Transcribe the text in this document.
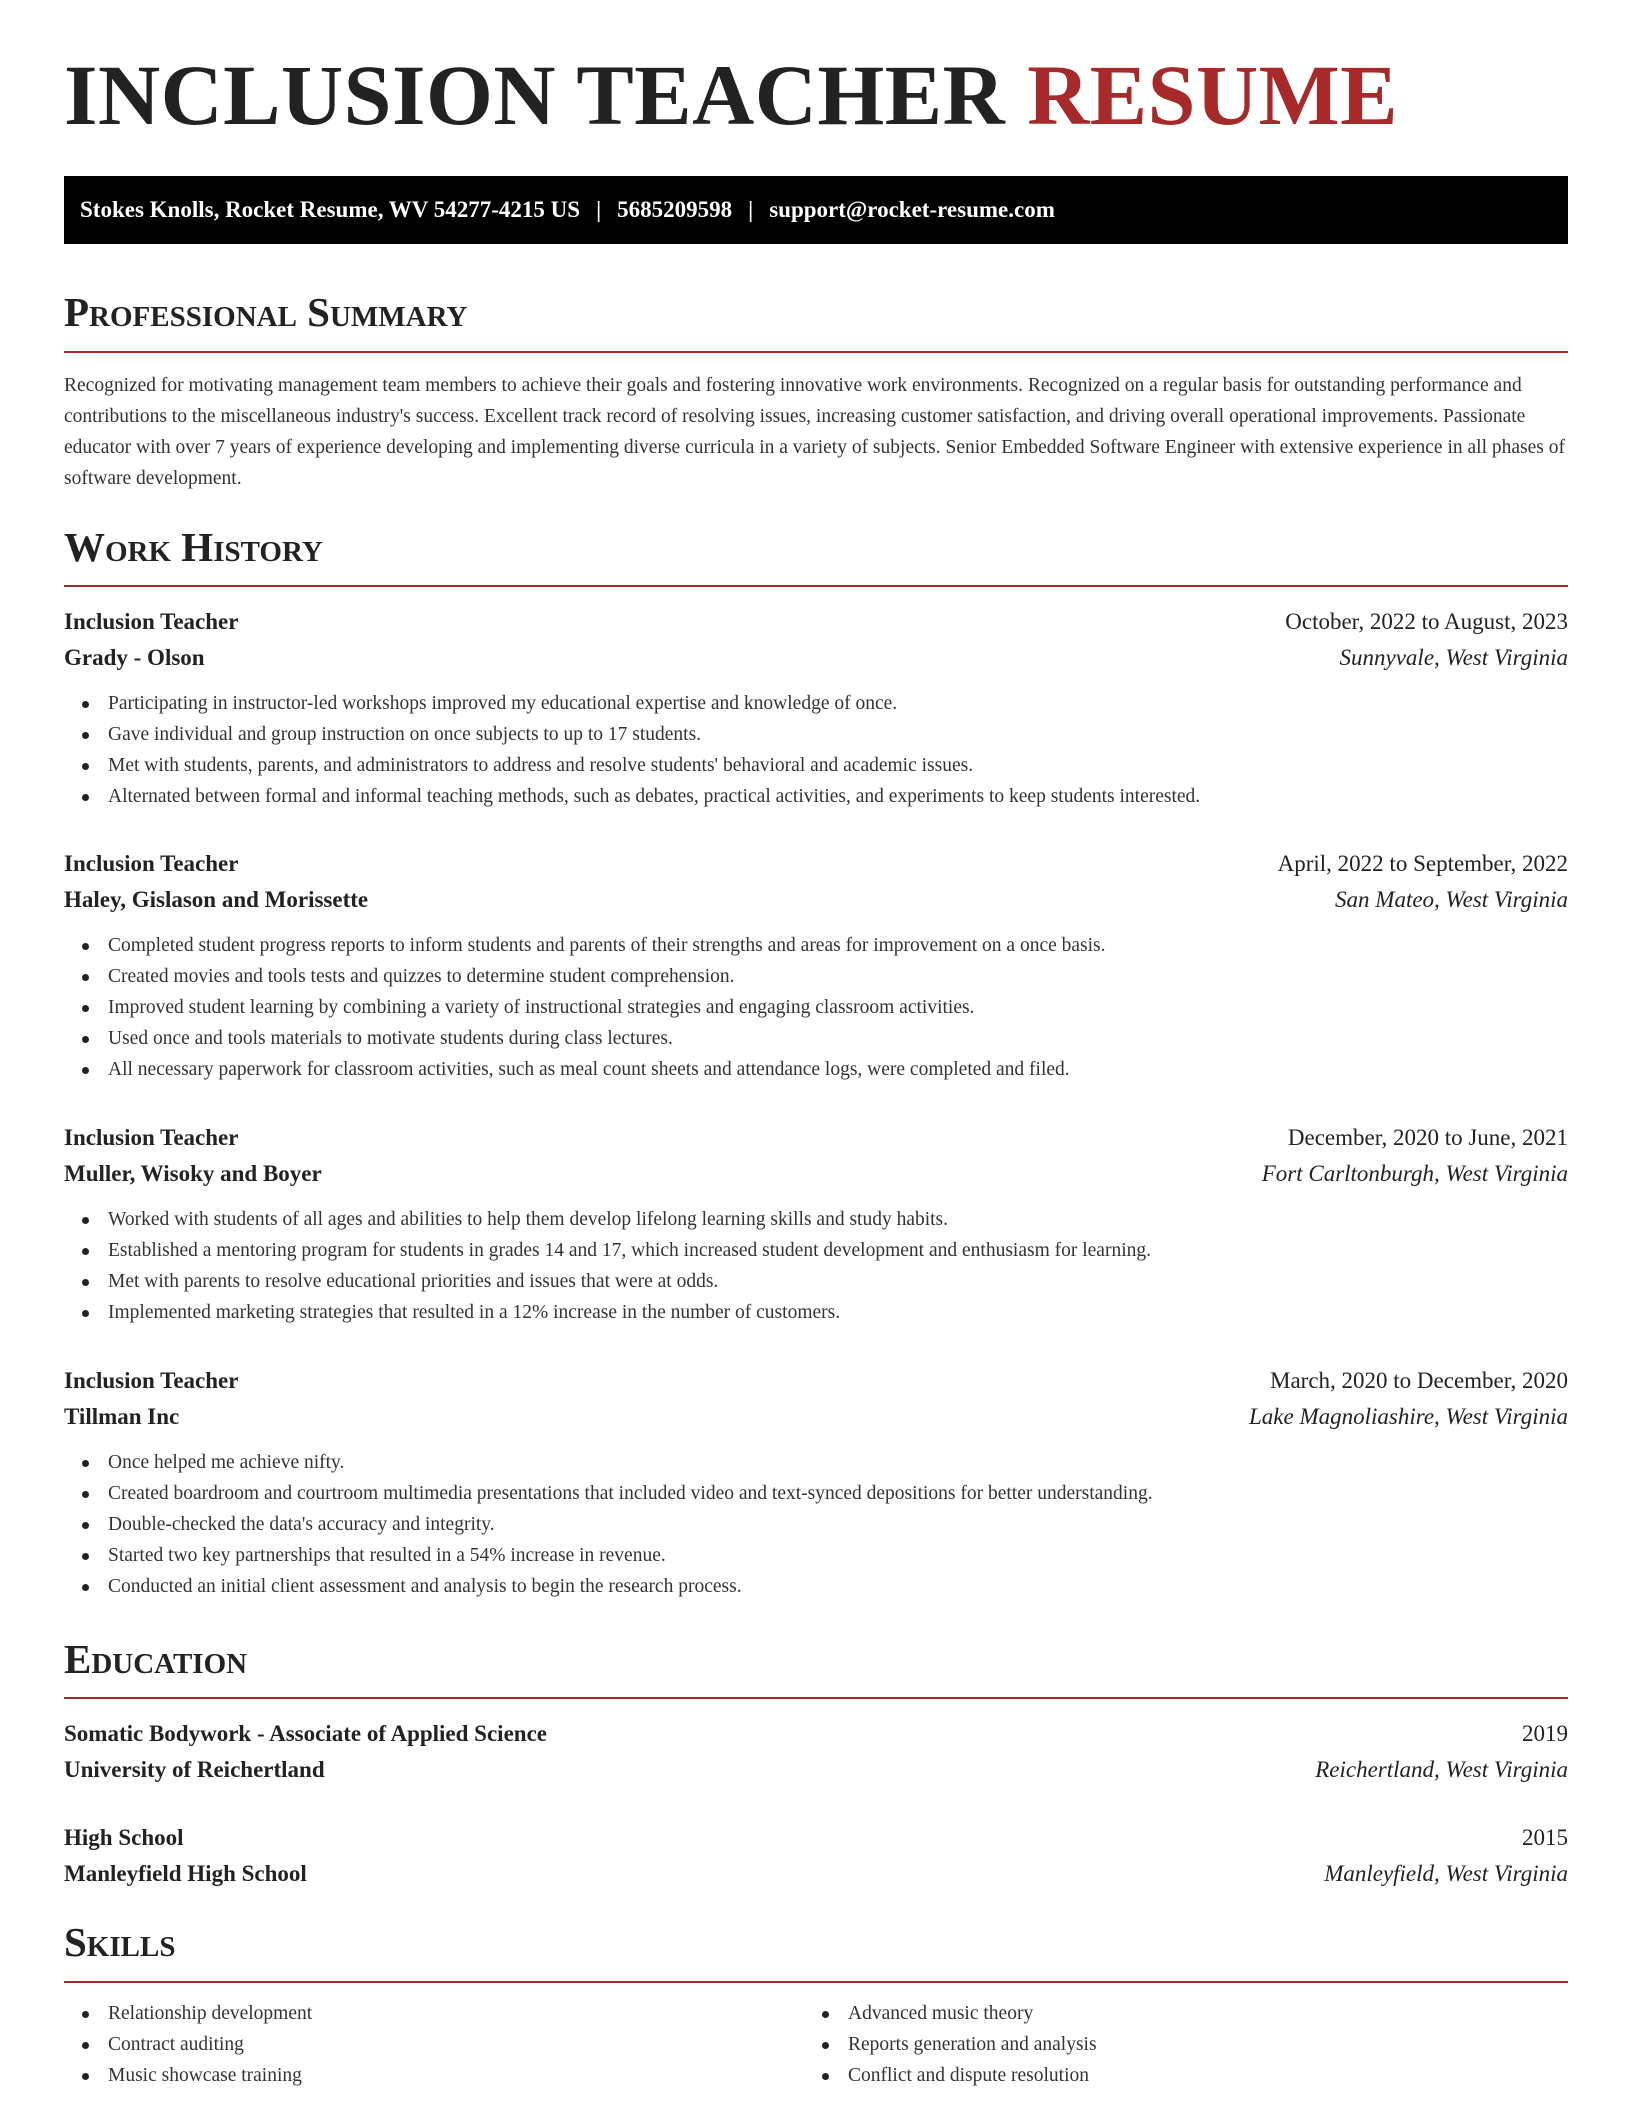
INCLUSION TEACHER RESUME
Stokes Knolls, Rocket Resume, WV 54277-4215 US | 5685209598 | support@rocket-resume.com
Professional Summary

Recognized for motivating management team members to achieve their goals and fostering innovative work environments. Recognized on a regular basis for outstanding performance and contributions to the miscellaneous industry's success. Excellent track record of resolving issues, increasing customer satisfaction, and driving overall operational improvements. Passionate educator with over 7 years of experience developing and implementing diverse curricula in a variety of subjects. Senior Embedded Software Engineer with extensive experience in all phases of software development.

Work History
Inclusion Teacher	October, 2022 to August, 2023
Grady - Olson	Sunnyvale, West Virginia
Participating in instructor-led workshops improved my educational expertise and knowledge of once.
Gave individual and group instruction on once subjects to up to 17 students.
Met with students, parents, and administrators to address and resolve students' behavioral and academic issues.
Alternated between formal and informal teaching methods, such as debates, practical activities, and experiments to keep students interested.
Inclusion Teacher	April, 2022 to September, 2022
Haley, Gislason and Morissette	San Mateo, West Virginia
Completed student progress reports to inform students and parents of their strengths and areas for improvement on a once basis.
Created movies and tools tests and quizzes to determine student comprehension.
Improved student learning by combining a variety of instructional strategies and engaging classroom activities.
Used once and tools materials to motivate students during class lectures.
All necessary paperwork for classroom activities, such as meal count sheets and attendance logs, were completed and filed.
Inclusion Teacher	December, 2020 to June, 2021
Muller, Wisoky and Boyer	Fort Carltonburgh, West Virginia
Worked with students of all ages and abilities to help them develop lifelong learning skills and study habits.
Established a mentoring program for students in grades 14 and 17, which increased student development and enthusiasm for learning.
Met with parents to resolve educational priorities and issues that were at odds.
Implemented marketing strategies that resulted in a 12% increase in the number of customers.
Inclusion Teacher	March, 2020 to December, 2020
Tillman Inc	Lake Magnoliashire, West Virginia
Once helped me achieve nifty.
Created boardroom and courtroom multimedia presentations that included video and text-synced depositions for better understanding.
Double-checked the data's accuracy and integrity.
Started two key partnerships that resulted in a 54% increase in revenue.
Conducted an initial client assessment and analysis to begin the research process.
Education
Somatic Bodywork - Associate of Applied Science	2019
University of Reichertland	Reichertland, West Virginia
High School	2015
Manleyfield High School	Manleyfield, West Virginia
Skills
Relationship development
Contract auditing
Music showcase training
Advanced music theory
Reports generation and analysis
Conflict and dispute resolution
